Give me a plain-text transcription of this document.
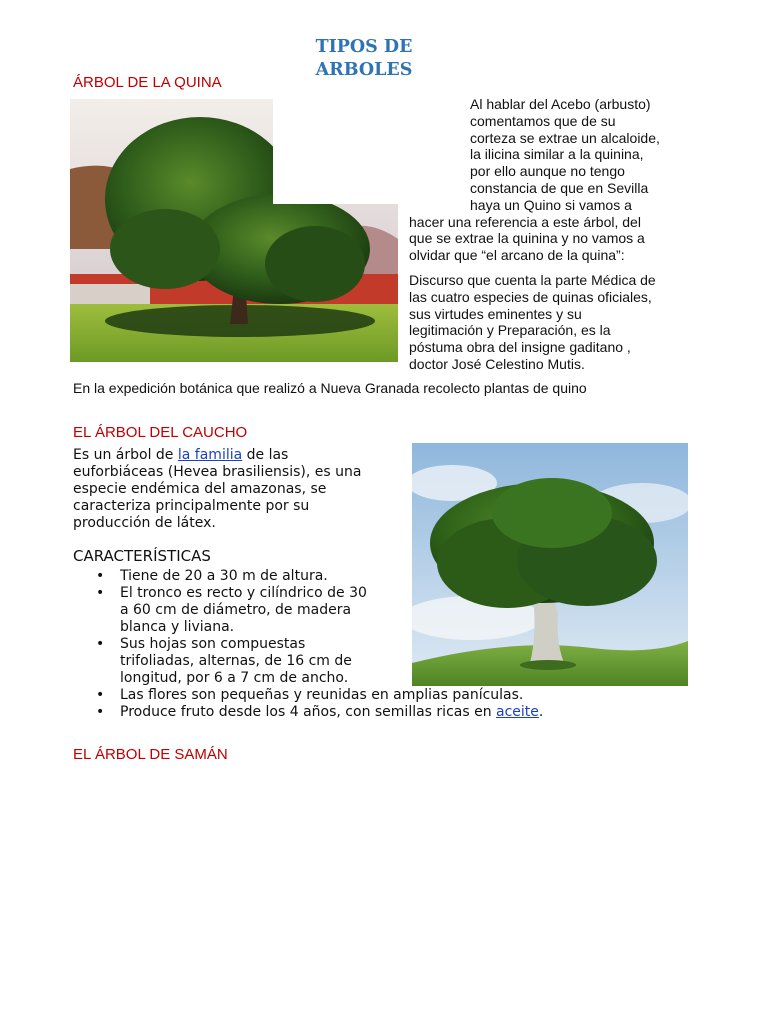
TIPOS DE
ARBOLES
ÁRBOL DE LA QUINA
Al hablar del Acebo (arbusto)
comentamos que de su
corteza se extrae un alcaloide,
la ilicina similar a la quinina,
por ello aunque no tengo
constancia de que en Sevilla
haya un Quino si vamos a
hacer una referencia a este árbol, del
que se extrae la quinina y no vamos a
olvidar que “el arcano de la quina”:
Discurso que cuenta la parte Médica de
las cuatro especies de quinas oficiales,
sus virtudes eminentes y su
legitimación y Preparación, es la
póstuma obra del insigne gaditano ,
doctor José Celestino Mutis.
En la expedición botánica que realizó a Nueva Granada recolecto plantas de quino
EL ÁRBOL DEL CAUCHO
Es un árbol de la familia de las
euforbiáceas (Hevea brasiliensis), es una
especie endémica del amazonas, se
caracteriza principalmente por su
producción de látex.
CARACTERÍSTICAS
• Tiene de 20 a 30 m de altura.
• El tronco es recto y cilíndrico de 30
a 60 cm de diámetro, de madera
blanca y liviana.
• Sus hojas son compuestas
trifoliadas, alternas, de 16 cm de
longitud, por 6 a 7 cm de ancho.
• Las flores son pequeñas y reunidas en amplias panículas.
• Produce fruto desde los 4 años, con semillas ricas en aceite.
EL ÁRBOL DE SAMÁN
